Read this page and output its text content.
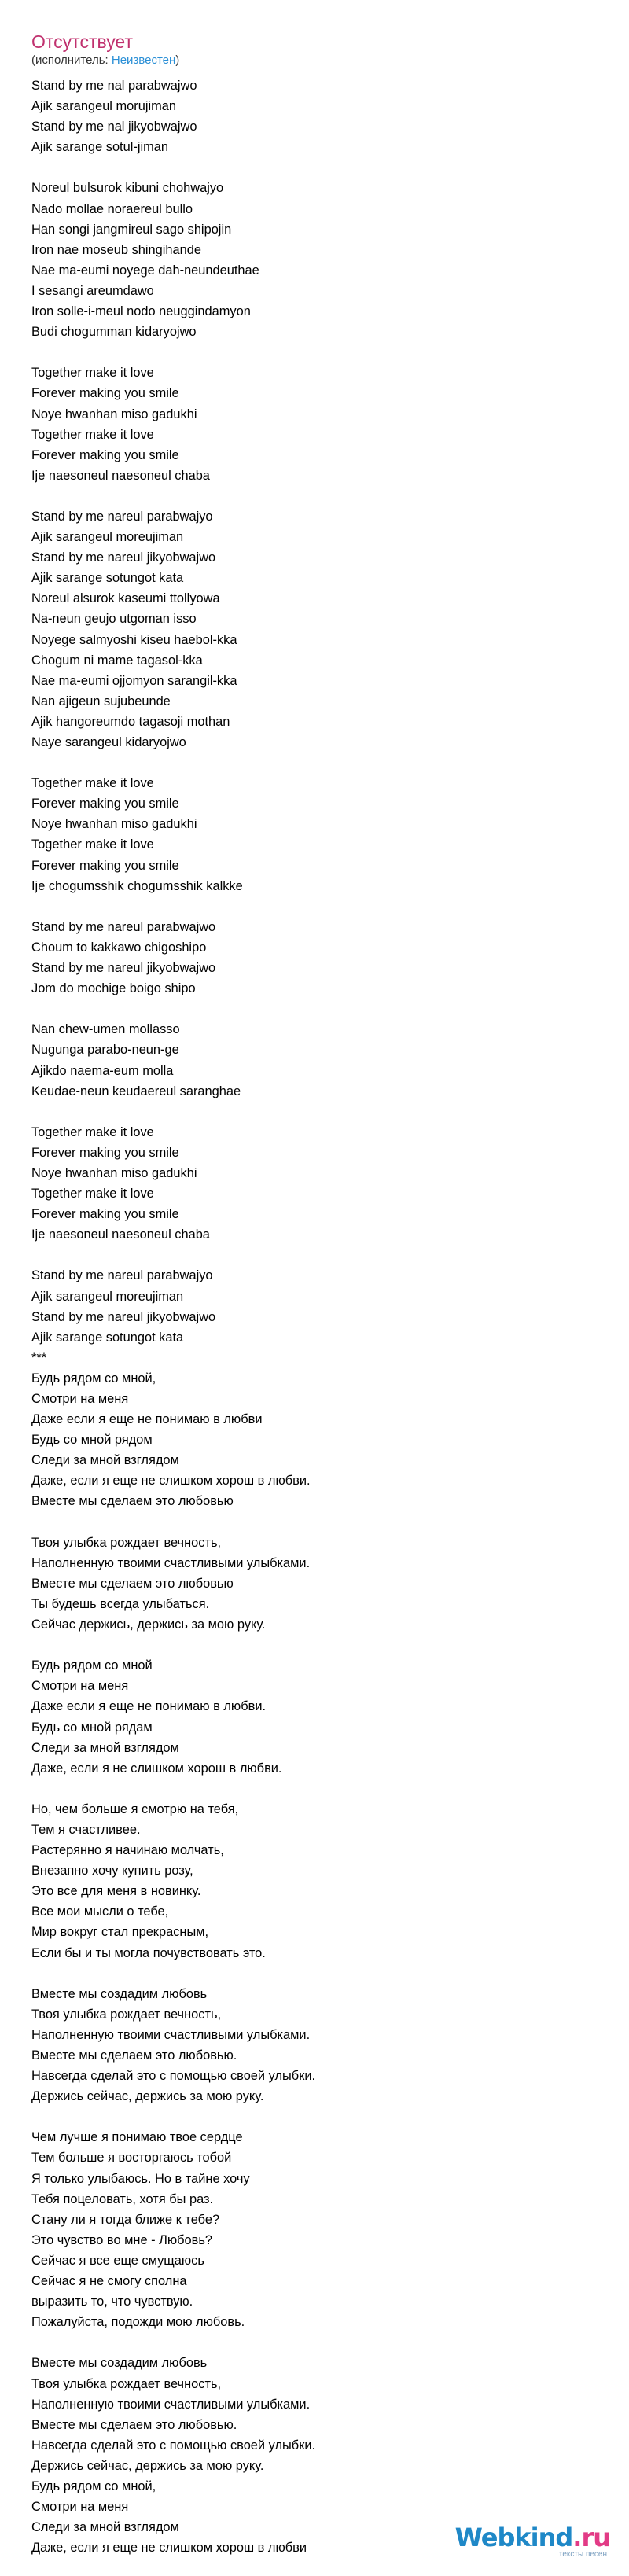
Отсутствует
(исполнитель: Неизвестен)
Stand by me nal parabwajwo
Ajik sarangeul morujiman
Stand by me nal jikyobwajwo
Ajik sarange sotul-jiman
Noreul bulsurok kibuni chohwajyo
Nado mollae noraereul bullo
Han songi jangmireul sago shipojin
Iron nae moseub shingihande
Nae ma-eumi noyege dah-neundeuthae
I sesangi areumdawo
Iron solle-i-meul nodo neuggindamyon
Budi chogumman kidaryojwo
Together make it love
Forever making you smile
Noye hwanhan miso gadukhi
Together make it love
Forever making you smile
Ije naesoneul naesoneul chaba
Stand by me nareul parabwajyo
Ajik sarangeul moreujiman
Stand by me nareul jikyobwajwo
Ajik sarange sotungot kata
Noreul alsurok kaseumi ttollyowa
Na-neun geujo utgoman isso
Noyege salmyoshi kiseu haebol-kka
Chogum ni mame tagasol-kka
Nae ma-eumi ojjomyon sarangil-kka
Nan ajigeun sujubeunde
Ajik hangoreumdo tagasoji mothan
Naye sarangeul kidaryojwo
Together make it love
Forever making you smile
Noye hwanhan miso gadukhi
Together make it love
Forever making you smile
Ije chogumsshik chogumsshik kalkke
Stand by me nareul parabwajwo
Choum to kakkawo chigoshipo
Stand by me nareul jikyobwajwo
Jom do mochige boigo shipo
Nan chew-umen mollasso
Nugunga parabo-neun-ge
Ajikdo naema-eum molla
Keudae-neun keudaereul saranghae
Together make it love
Forever making you smile
Noye hwanhan miso gadukhi
Together make it love
Forever making you smile
Ije naesoneul naesoneul chaba
Stand by me nareul parabwajyo
Ajik sarangeul moreujiman
Stand by me nareul jikyobwajwo
Ajik sarange sotungot kata
***
Будь рядом со мной,
Смотри на меня
Даже если я еще не понимаю в любви
Будь со мной рядом
Следи за мной взглядом
Даже, если я еще не слишком хорош в любви.
Вместе мы сделаем это любовью
Твоя улыбка рождает вечность,
Наполненную твоими счастливыми улыбками.
Вместе мы сделаем это любовью
Ты будешь всегда улыбаться.
Сейчас держись, держись за мою руку.
Будь рядом со мной
Смотри на меня
Даже если я еще не понимаю в любви.
Будь со мной рядам
Следи за мной взглядом
Даже, если я не слишком хорош в любви.
Но, чем больше я смотрю на тебя,
Тем я счастливее.
Растерянно я начинаю молчать,
Внезапно хочу купить розу,
Это все для меня в новинку.
Все мои мысли о тебе,
Мир вокруг стал прекрасным,
Если бы и ты могла почувствовать это.
Вместе мы создадим любовь
Твоя улыбка рождает вечность,
Наполненную твоими счастливыми улыбками.
Вместе мы сделаем это любовью.
Навсегда сделай это с помощью своей улыбки.
Держись сейчас, держись за мою руку.
Чем лучше я понимаю твое сердце
Тем больше я восторгаюсь тобой
Я только улыбаюсь. Но в тайне хочу
Тебя поцеловать, хотя бы раз.
Стану ли я тогда ближе к тебе?
Это чувство во мне - Любовь?
Сейчас я все еще смущаюсь
Сейчас я не смогу сполна
выразить то, что чувствую.
Пожалуйста, подожди мою любовь.
Вместе мы создадим любовь
Твоя улыбка рождает вечность,
Наполненную твоими счастливыми улыбками.
Вместе мы сделаем это любовью.
Навсегда сделай это с помощью своей улыбки.
Держись сейчас, держись за мою руку.
Будь рядом со мной,
Смотри на меня
Следи за мной взглядом
Даже, если я еще не слишком хорош в любви	Webkind.ru
тексты песен
